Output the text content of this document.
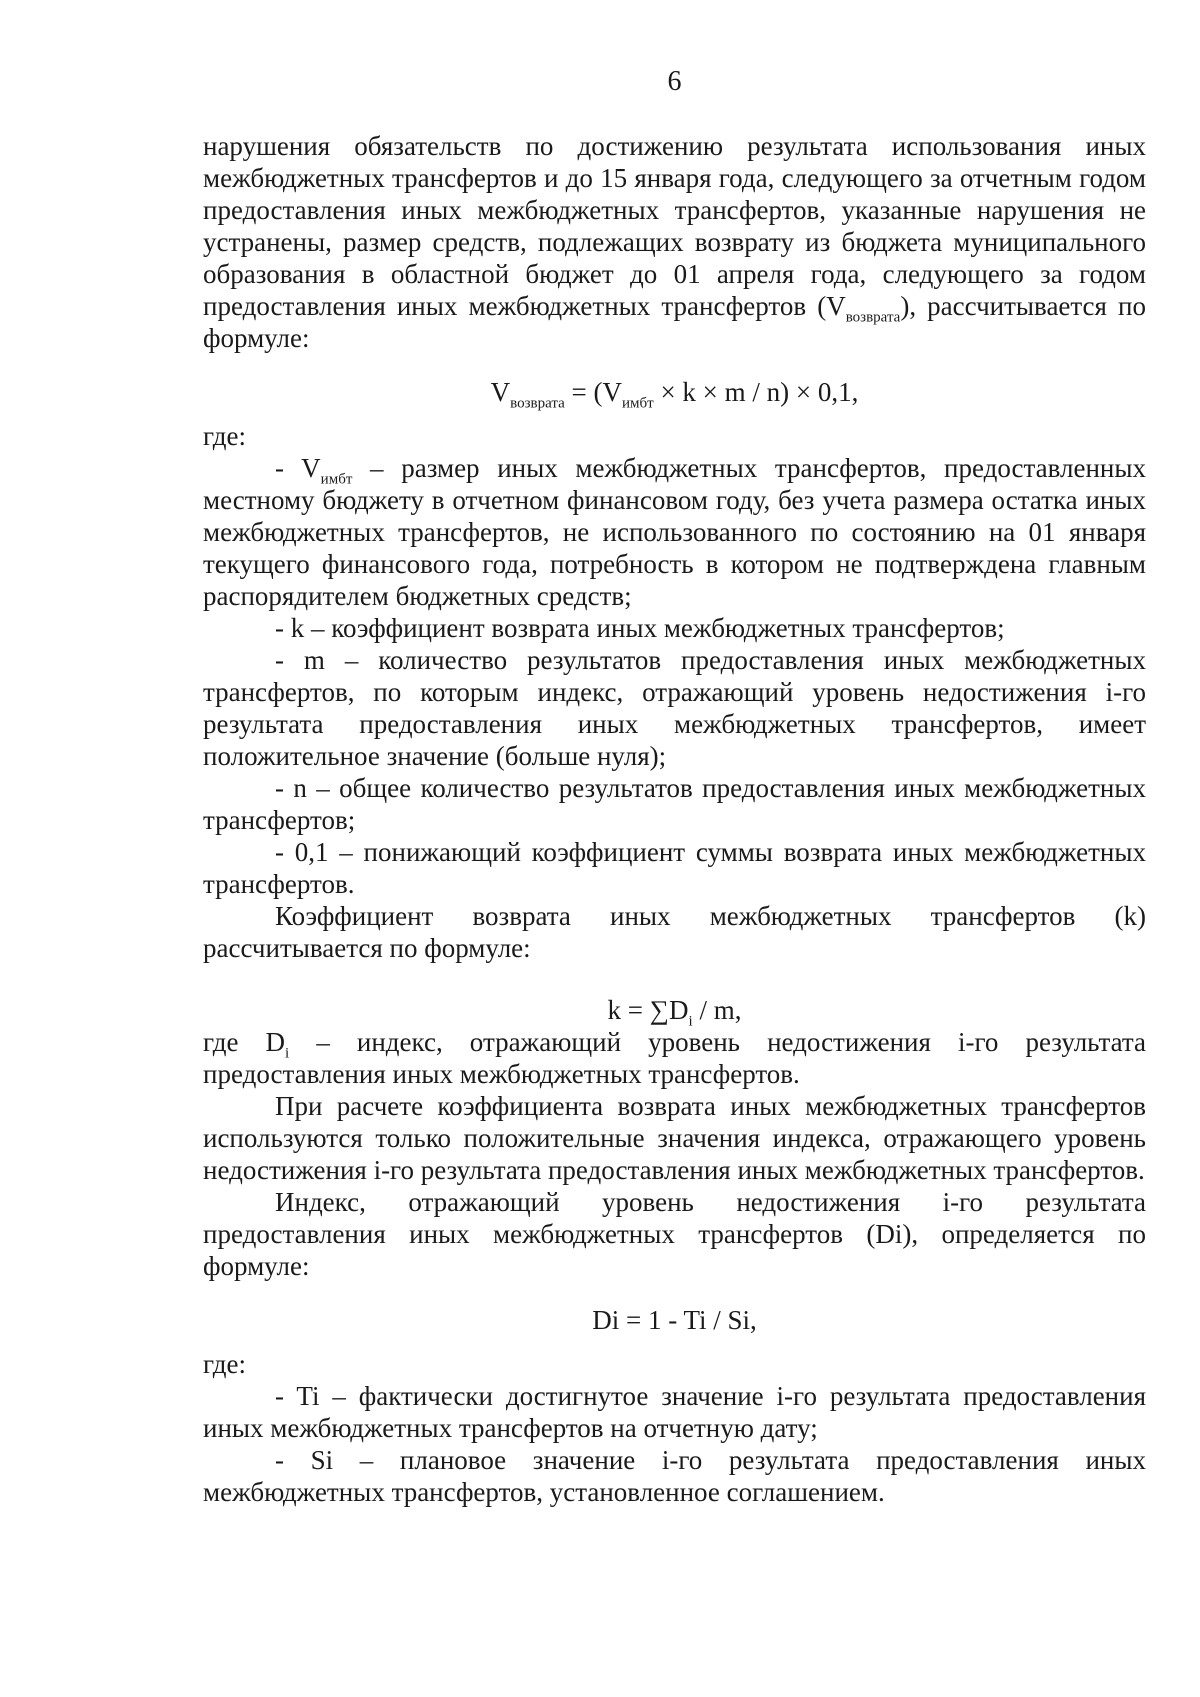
6

нарушения обязательств по достижению результата использования иных межбюджетных трансфертов и до 15 января года, следующего за отчетным годом предоставления иных межбюджетных трансфертов, указанные нарушения не устранены, размер средств, подлежащих возврату из бюджета муниципального образования в областной бюджет до 01 апреля года, следующего за годом предоставления иных межбюджетных трансфертов $(V_{возврата})$, рассчитывается по формуле:

$V_{возврата} = (V_{имбт} \times k \times m / n) \times 0,1$,

где:

- $V_{имбт}$ – размер иных межбюджетных трансфертов, предоставленных местному бюджету в отчетном финансовом году, без учета размера остатка иных межбюджетных трансфертов, не использованного по состоянию на 01 января текущего финансового года, потребность в котором не подтверждена главным распорядителем бюджетных средств;

- k – коэффициент возврата иных межбюджетных трансфертов;

- m – количество результатов предоставления иных межбюджетных трансфертов, по которым индекс, отражающий уровень недостижения i-го результата предоставления иных межбюджетных трансфертов, имеет положительное значение (больше нуля);

- n – общее количество результатов предоставления иных межбюджетных трансфертов;

- 0,1 – понижающий коэффициент суммы возврата иных межбюджетных трансфертов.

Коэффициент возврата иных межбюджетных трансфертов (k) рассчитывается по формуле:

$k = \sum D_i / m$,

где $D_i$ – индекс, отражающий уровень недостижения i-го результата предоставления иных межбюджетных трансфертов.

При расчете коэффициента возврата иных межбюджетных трансфертов используются только положительные значения индекса, отражающего уровень недостижения i-го результата предоставления иных межбюджетных трансфертов.

Индекс, отражающий уровень недостижения i-го результата предоставления иных межбюджетных трансфертов (Di), определяется по формуле:

Di = 1 - Ti / Si,

где:

- Ti – фактически достигнутое значение i-го результата предоставления иных межбюджетных трансфертов на отчетную дату;

- Si – плановое значение i-го результата предоставления иных межбюджетных трансфертов, установленное соглашением.
